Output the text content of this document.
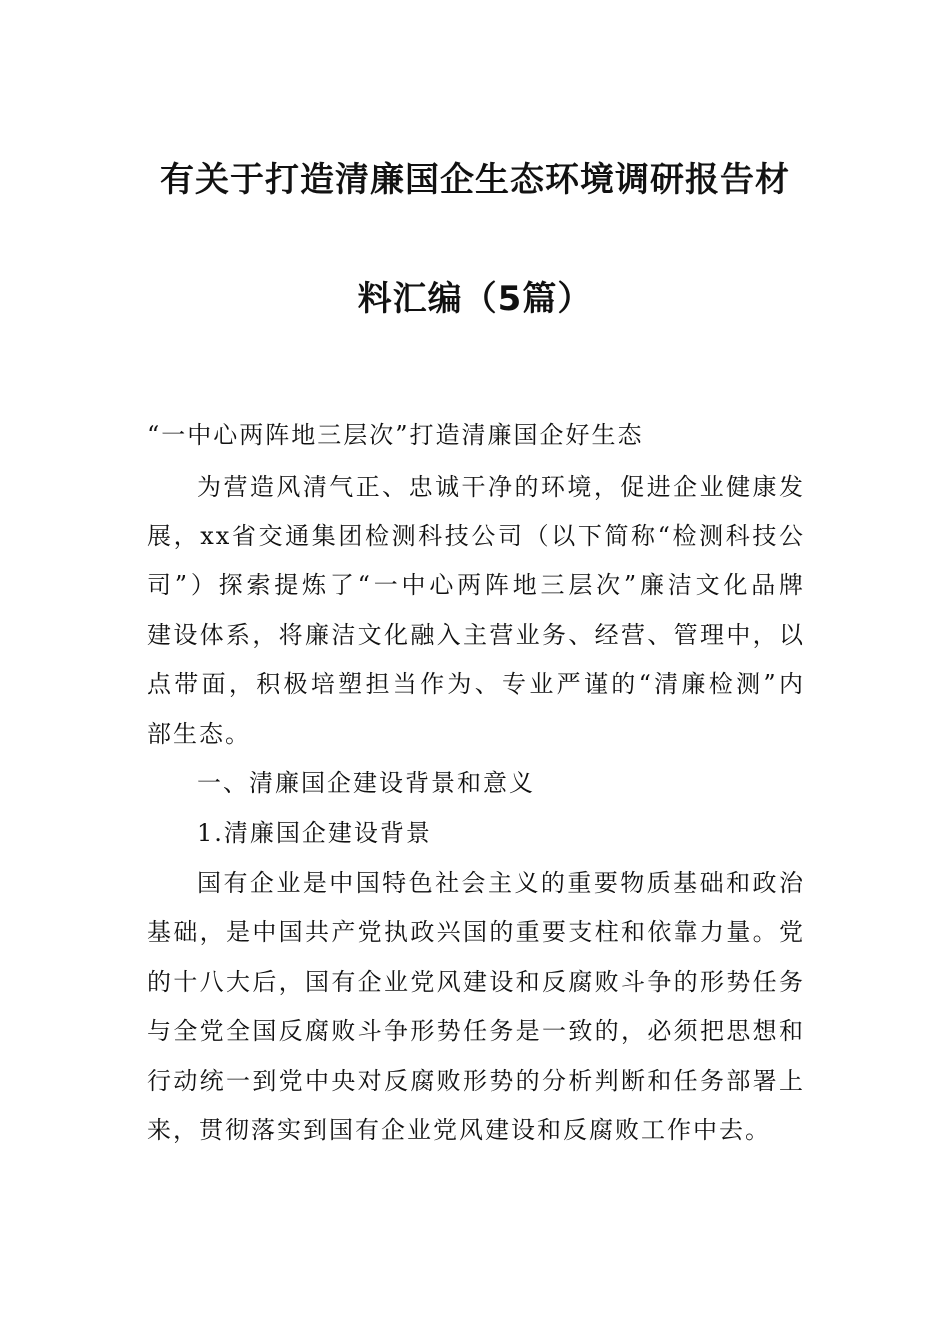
有关于打造清廉国企生态环境调研报告材
料汇编（5篇）
“一中心两阵地三层次”打造清廉国企好生态
为营造风清气正、忠诚干净的环境，促进企业健康发
展，xx省交通集团检测科技公司（以下简称“检测科技公
司”）探索提炼了“一中心两阵地三层次”廉洁文化品牌
建设体系，将廉洁文化融入主营业务、经营、管理中，以
点带面，积极培塑担当作为、专业严谨的“清廉检测”内
部生态。
一、清廉国企建设背景和意义
1.清廉国企建设背景
国有企业是中国特色社会主义的重要物质基础和政治
基础，是中国共产党执政兴国的重要支柱和依靠力量。党
的十八大后，国有企业党风建设和反腐败斗争的形势任务
与全党全国反腐败斗争形势任务是一致的，必须把思想和
行动统一到党中央对反腐败形势的分析判断和任务部署上
来，贯彻落实到国有企业党风建设和反腐败工作中去。
